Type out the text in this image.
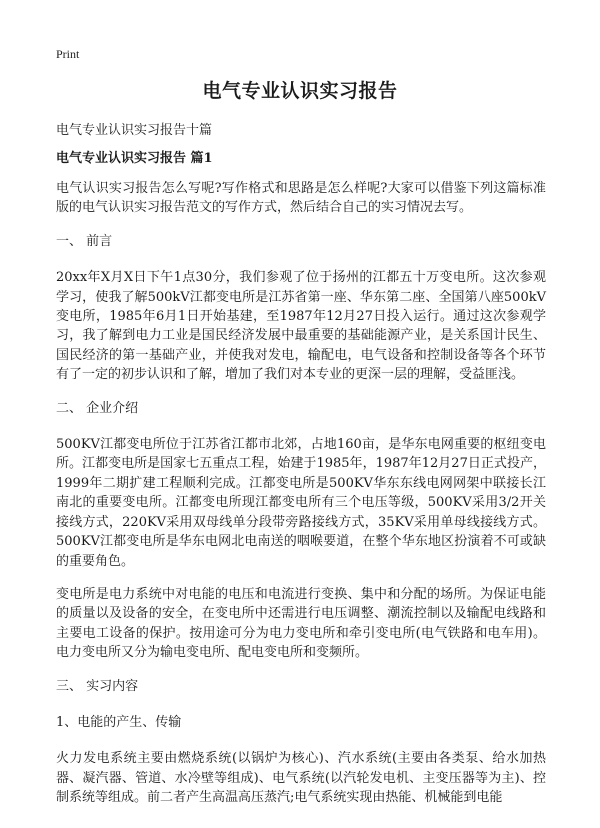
Print
电气专业认识实习报告
电气专业认识实习报告十篇
电气专业认识实习报告 篇1

电气认识实习报告怎么写呢?写作格式和思路是怎么样呢?大家可以借鉴下列这篇标准版的电气认识实习报告范文的写作方式，然后结合自己的实习情况去写。

一、 前言

20xx年X月X日下午1点30分，我们参观了位于扬州的江都五十万变电所。这次参观学习，使我了解500kV江都变电所是江苏省第一座、华东第二座、全国第八座500kV变电所，1985年6月1日开始基建，至1987年12月27日投入运行。通过这次参观学习，我了解到电力工业是国民经济发展中最重要的基础能源产业，是关系国计民生、国民经济的第一基础产业，并使我对发电，输配电，电气设备和控制设备等各个环节有了一定的初步认识和了解，增加了我们对本专业的更深一层的理解，受益匪浅。

二、 企业介绍

500KV江都变电所位于江苏省江都市北郊，占地160亩，是华东电网重要的枢纽变电所。江都变电所是国家七五重点工程，始建于1985年，1987年12月27日正式投产，1999年二期扩建工程顺利完成。江都变电所是500KV华东东线电网网架中联接长江南北的重要变电所。江都变电所现江都变电所有三个电压等级，500KV采用3/2开关接线方式，220KV采用双母线单分段带旁路接线方式，35KV采用单母线接线方式。500KV江都变电所是华东电网北电南送的咽喉要道，在整个华东地区扮演着不可或缺的重要角色。

变电所是电力系统中对电能的电压和电流进行变换、集中和分配的场所。为保证电能的质量以及设备的安全，在变电所中还需进行电压调整、潮流控制以及输配电线路和主要电工设备的保护。按用途可分为电力变电所和牵引变电所(电气铁路和电车用)。电力变电所又分为输电变电所、配电变电所和变频所。

三、 实习内容
1、电能的产生、传输

火力发电系统主要由燃烧系统(以锅炉为核心)、汽水系统(主要由各类泵、给水加热器、凝汽器、管道、水冷壁等组成)、电气系统(以汽轮发电机、主变压器等为主)、控制系统等组成。前二者产生高温高压蒸汽;电气系统实现由热能、机械能到电能
